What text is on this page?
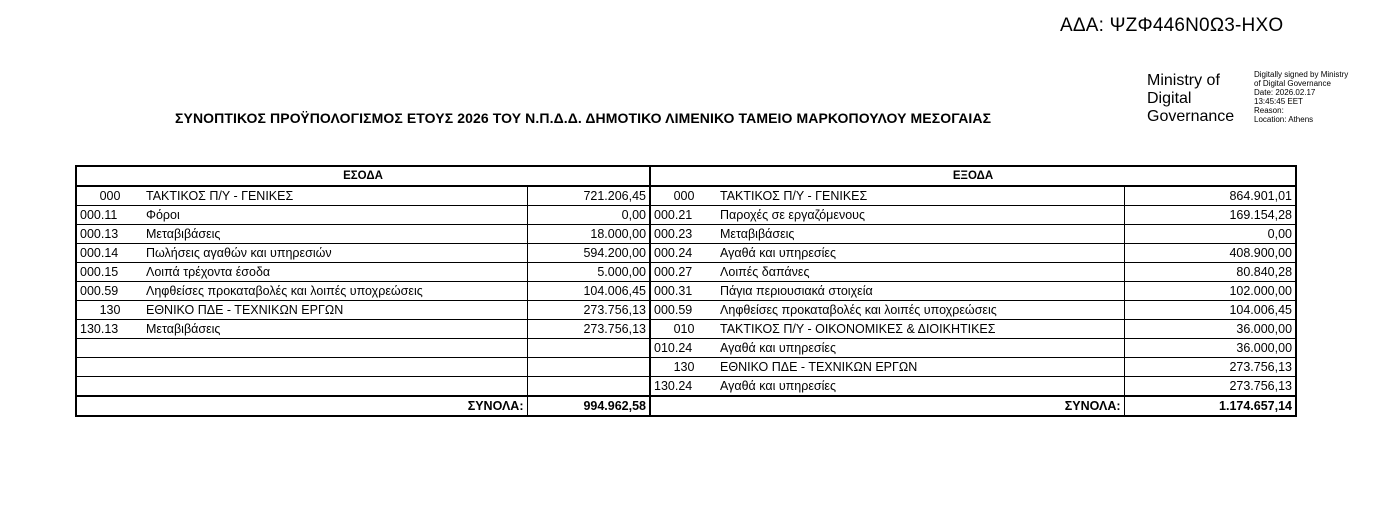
ΑΔΑ: ΨΖΦ446Ν0Ω3-ΗΧΟ
Ministry of
Digital
Governance
Digitally signed by Ministry
of Digital Governance
Date: 2026.02.17
13:45:45 EET
Reason:
Location: Athens
ΣΥΝΟΠΤΙΚΟΣ ΠΡΟΫΠΟΛΟΓΙΣΜΟΣ ΕΤΟΥΣ 2026 ΤΟΥ Ν.Π.Δ.Δ. ΔΗΜΟΤΙΚΟ ΛΙΜΕΝΙΚΟ ΤΑΜΕΙΟ ΜΑΡΚΟΠΟΥΛΟΥ ΜΕΣΟΓΑΙΑΣ
ΕΣΟΔΑ			ΕΞΟΔΑ		
000	ΤΑΚΤΙΚΟΣ Π/Υ - ΓΕΝΙΚΕΣ	721.206,45	000	ΤΑΚΤΙΚΟΣ Π/Υ - ΓΕΝΙΚΕΣ	864.901,01
000.11	Φόροι	0,00	000.21	Παροχές σε εργαζόμενους	169.154,28
000.13	Μεταβιβάσεις	18.000,00	000.23	Μεταβιβάσεις	0,00
000.14	Πωλήσεις αγαθών και υπηρεσιών	594.200,00	000.24	Αγαθά και υπηρεσίες	408.900,00
000.15	Λοιπά τρέχοντα έσοδα	5.000,00	000.27	Λοιπές δαπάνες	80.840,28
000.59	Ληφθείσες προκαταβολές και λοιπές υποχρεώσεις	104.006,45	000.31	Πάγια περιουσιακά στοιχεία	102.000,00
130	ΕΘΝΙΚΟ ΠΔΕ - ΤΕΧΝΙΚΩΝ ΕΡΓΩΝ	273.756,13	000.59	Ληφθείσες προκαταβολές και λοιπές υποχρεώσεις	104.006,45
130.13	Μεταβιβάσεις	273.756,13	010	ΤΑΚΤΙΚΟΣ Π/Υ - ΟΙΚΟΝΟΜΙΚΕΣ & ΔΙΟΙΚΗΤΙΚΕΣ	36.000,00
			010.24	Αγαθά και υπηρεσίες	36.000,00
			130	ΕΘΝΙΚΟ ΠΔΕ - ΤΕΧΝΙΚΩΝ ΕΡΓΩΝ	273.756,13
			130.24	Αγαθά και υπηρεσίες	273.756,13
ΣΥΝΟΛΑ:		994.962,58	ΣΥΝΟΛΑ:		1.174.657,14
